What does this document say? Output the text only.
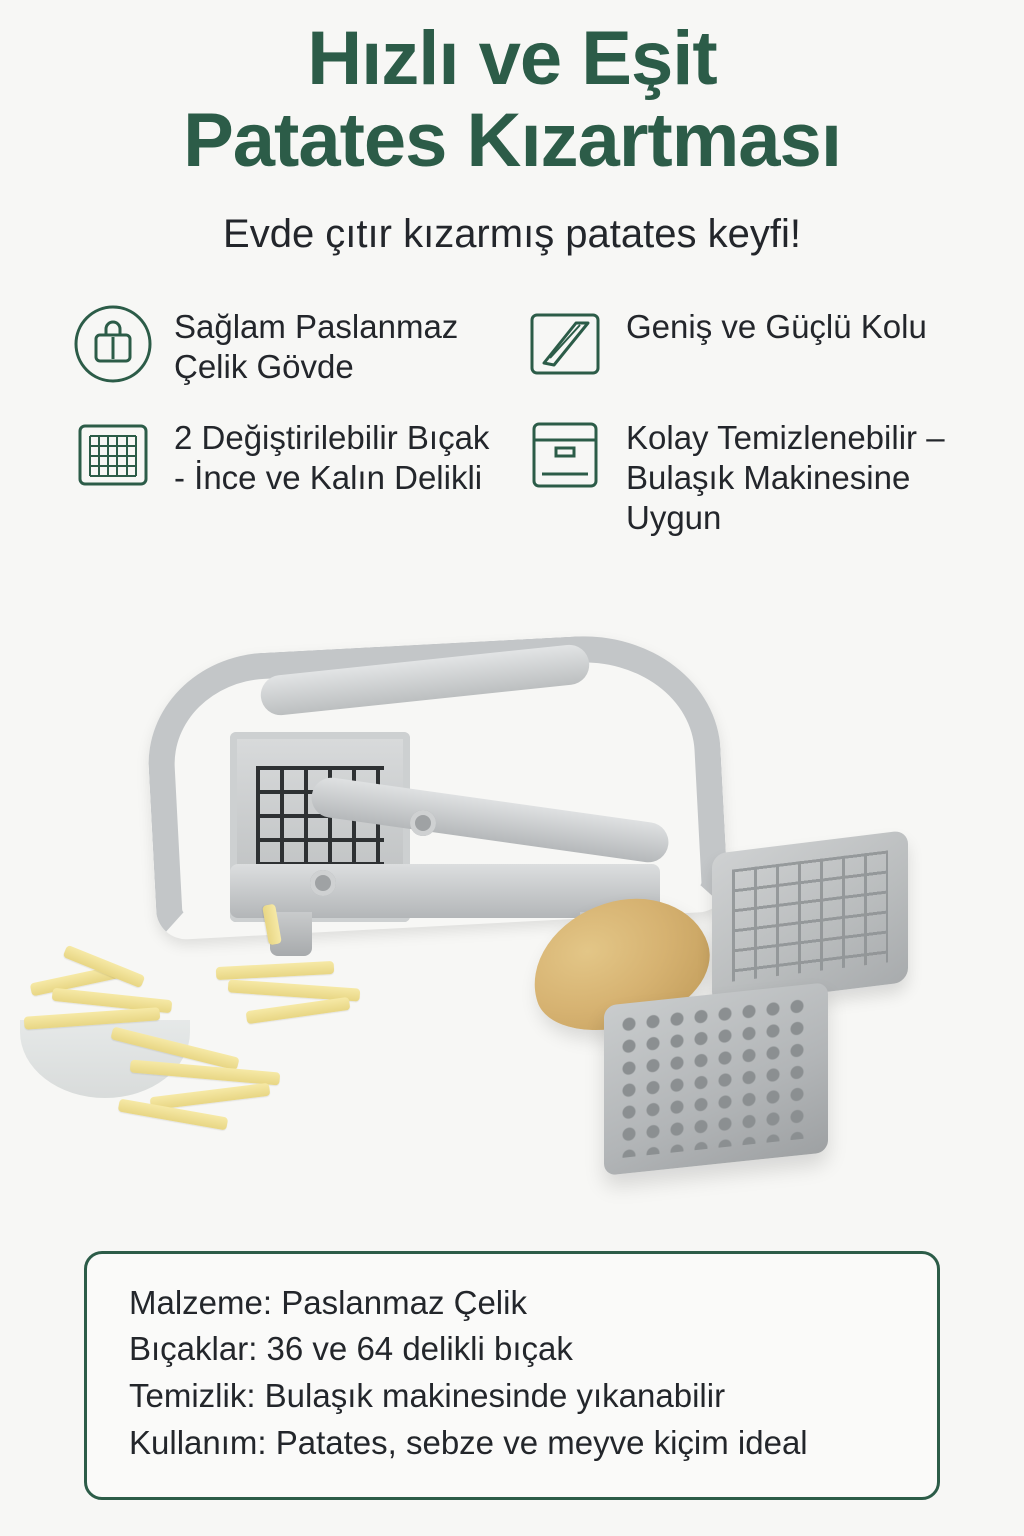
Hızlı ve Eşit
Patates Kızartması
Evde çıtır kızarmış patates keyfi!
Sağlam Paslanmaz Çelik Gövde
Geniş ve Güçlü Kolu
2 Değiştirilebilir Bıçak - İnce ve Kalın Delikli
Kolay Temizlenebilir – Bulaşık Makinesine Uygun
Malzeme: Paslanmaz Çelik
Bıçaklar: 36 ve 64 delikli bıçak
Temizlik: Bulaşık makinesinde yıkanabilir
Kullanım: Patates, sebze ve meyve kiçim ideal
